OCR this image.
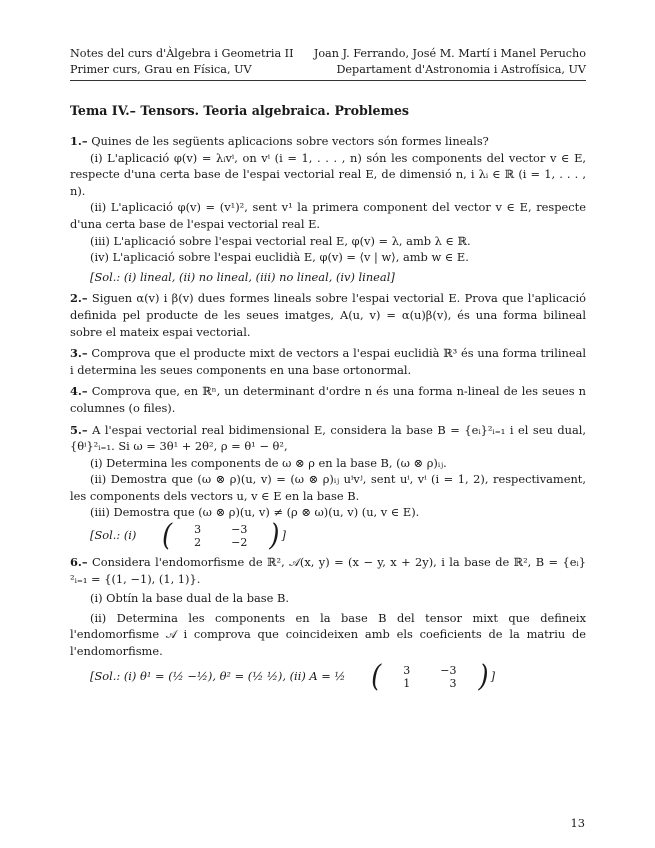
Notes del curs d'Àlgebra i Geometria II
Primer curs, Grau en Física, UV
Joan J. Ferrando, José M. Martí i Manel Perucho
Departament d'Astronomia i Astrofísica, UV
Tema IV.– Tensors. Teoria algebraica. Problemes

1.– Quines de les següents aplicacions sobre vectors són formes lineals?

(i) L'aplicació φ(v) = λᵢvⁱ, on vⁱ (i = 1, . . . , n) són les components del vector v ∈ E, respecte d'una certa base de l'espai vectorial real E, de dimensió n, i λᵢ ∈ ℝ (i = 1, . . . , n).

(ii) L'aplicació φ(v) = (v¹)², sent v¹ la primera component del vector v ∈ E, respecte d'una certa base de l'espai vectorial real E.

(iii) L'aplicació sobre l'espai vectorial real E, φ(v) = λ, amb λ ∈ ℝ.

(iv) L'aplicació sobre l'espai euclidià E, φ(v) = ⟨v | w⟩, amb w ∈ E.

[Sol.: (i) lineal, (ii) no lineal, (iii) no lineal, (iv) lineal]

2.– Siguen α(v) i β(v) dues formes lineals sobre l'espai vectorial E. Prova que l'aplicació definida pel producte de les seues imatges, A(u, v) = α(u)β(v), és una forma bilineal sobre el mateix espai vectorial.

3.– Comprova que el producte mixt de vectors a l'espai euclidià ℝ³ és una forma trilineal i determina les seues components en una base ortonormal.

4.– Comprova que, en ℝⁿ, un determinant d'ordre n és una forma n-lineal de les seues n columnes (o files).

5.– A l'espai vectorial real bidimensional E, considera la base B = {eᵢ}²ᵢ₌₁ i el seu dual, {θⁱ}²ᵢ₌₁. Si ω = 3θ¹ + 2θ², ρ = θ¹ − θ²,

(i) Determina les components de ω ⊗ ρ en la base B, (ω ⊗ ρ)ᵢⱼ.

(ii) Demostra que (ω ⊗ ρ)(u, v) = (ω ⊗ ρ)ᵢⱼ uⁱvʲ, sent uⁱ, vⁱ (i = 1, 2), respectivament, les components dels vectors u, v ∈ E en la base B.

(iii) Demostra que (ω ⊗ ρ)(u, v) ≠ (ρ ⊗ ω)(u, v) (u, v ∈ E).

[Sol.: (i) (	3	−3
2	−2 ) ]

6.– Considera l'endomorfisme de ℝ², 𝒜(x, y) = (x − y, x + 2y), i la base de ℝ², B = {eᵢ}²ᵢ₌₁ = {(1, −1), (1, 1)}.

(i) Obtín la base dual de la base B.

(ii) Determina les components en la base B del tensor mixt que defineix l'endomorfisme 𝒜 i comprova que coincideixen amb els coeficients de la matriu de l'endomorfisme.

[Sol.: (i) θ¹ = (½ −½), θ² = (½ ½), (ii) A = ½ (	3	−3
1	3 ) ]

13
